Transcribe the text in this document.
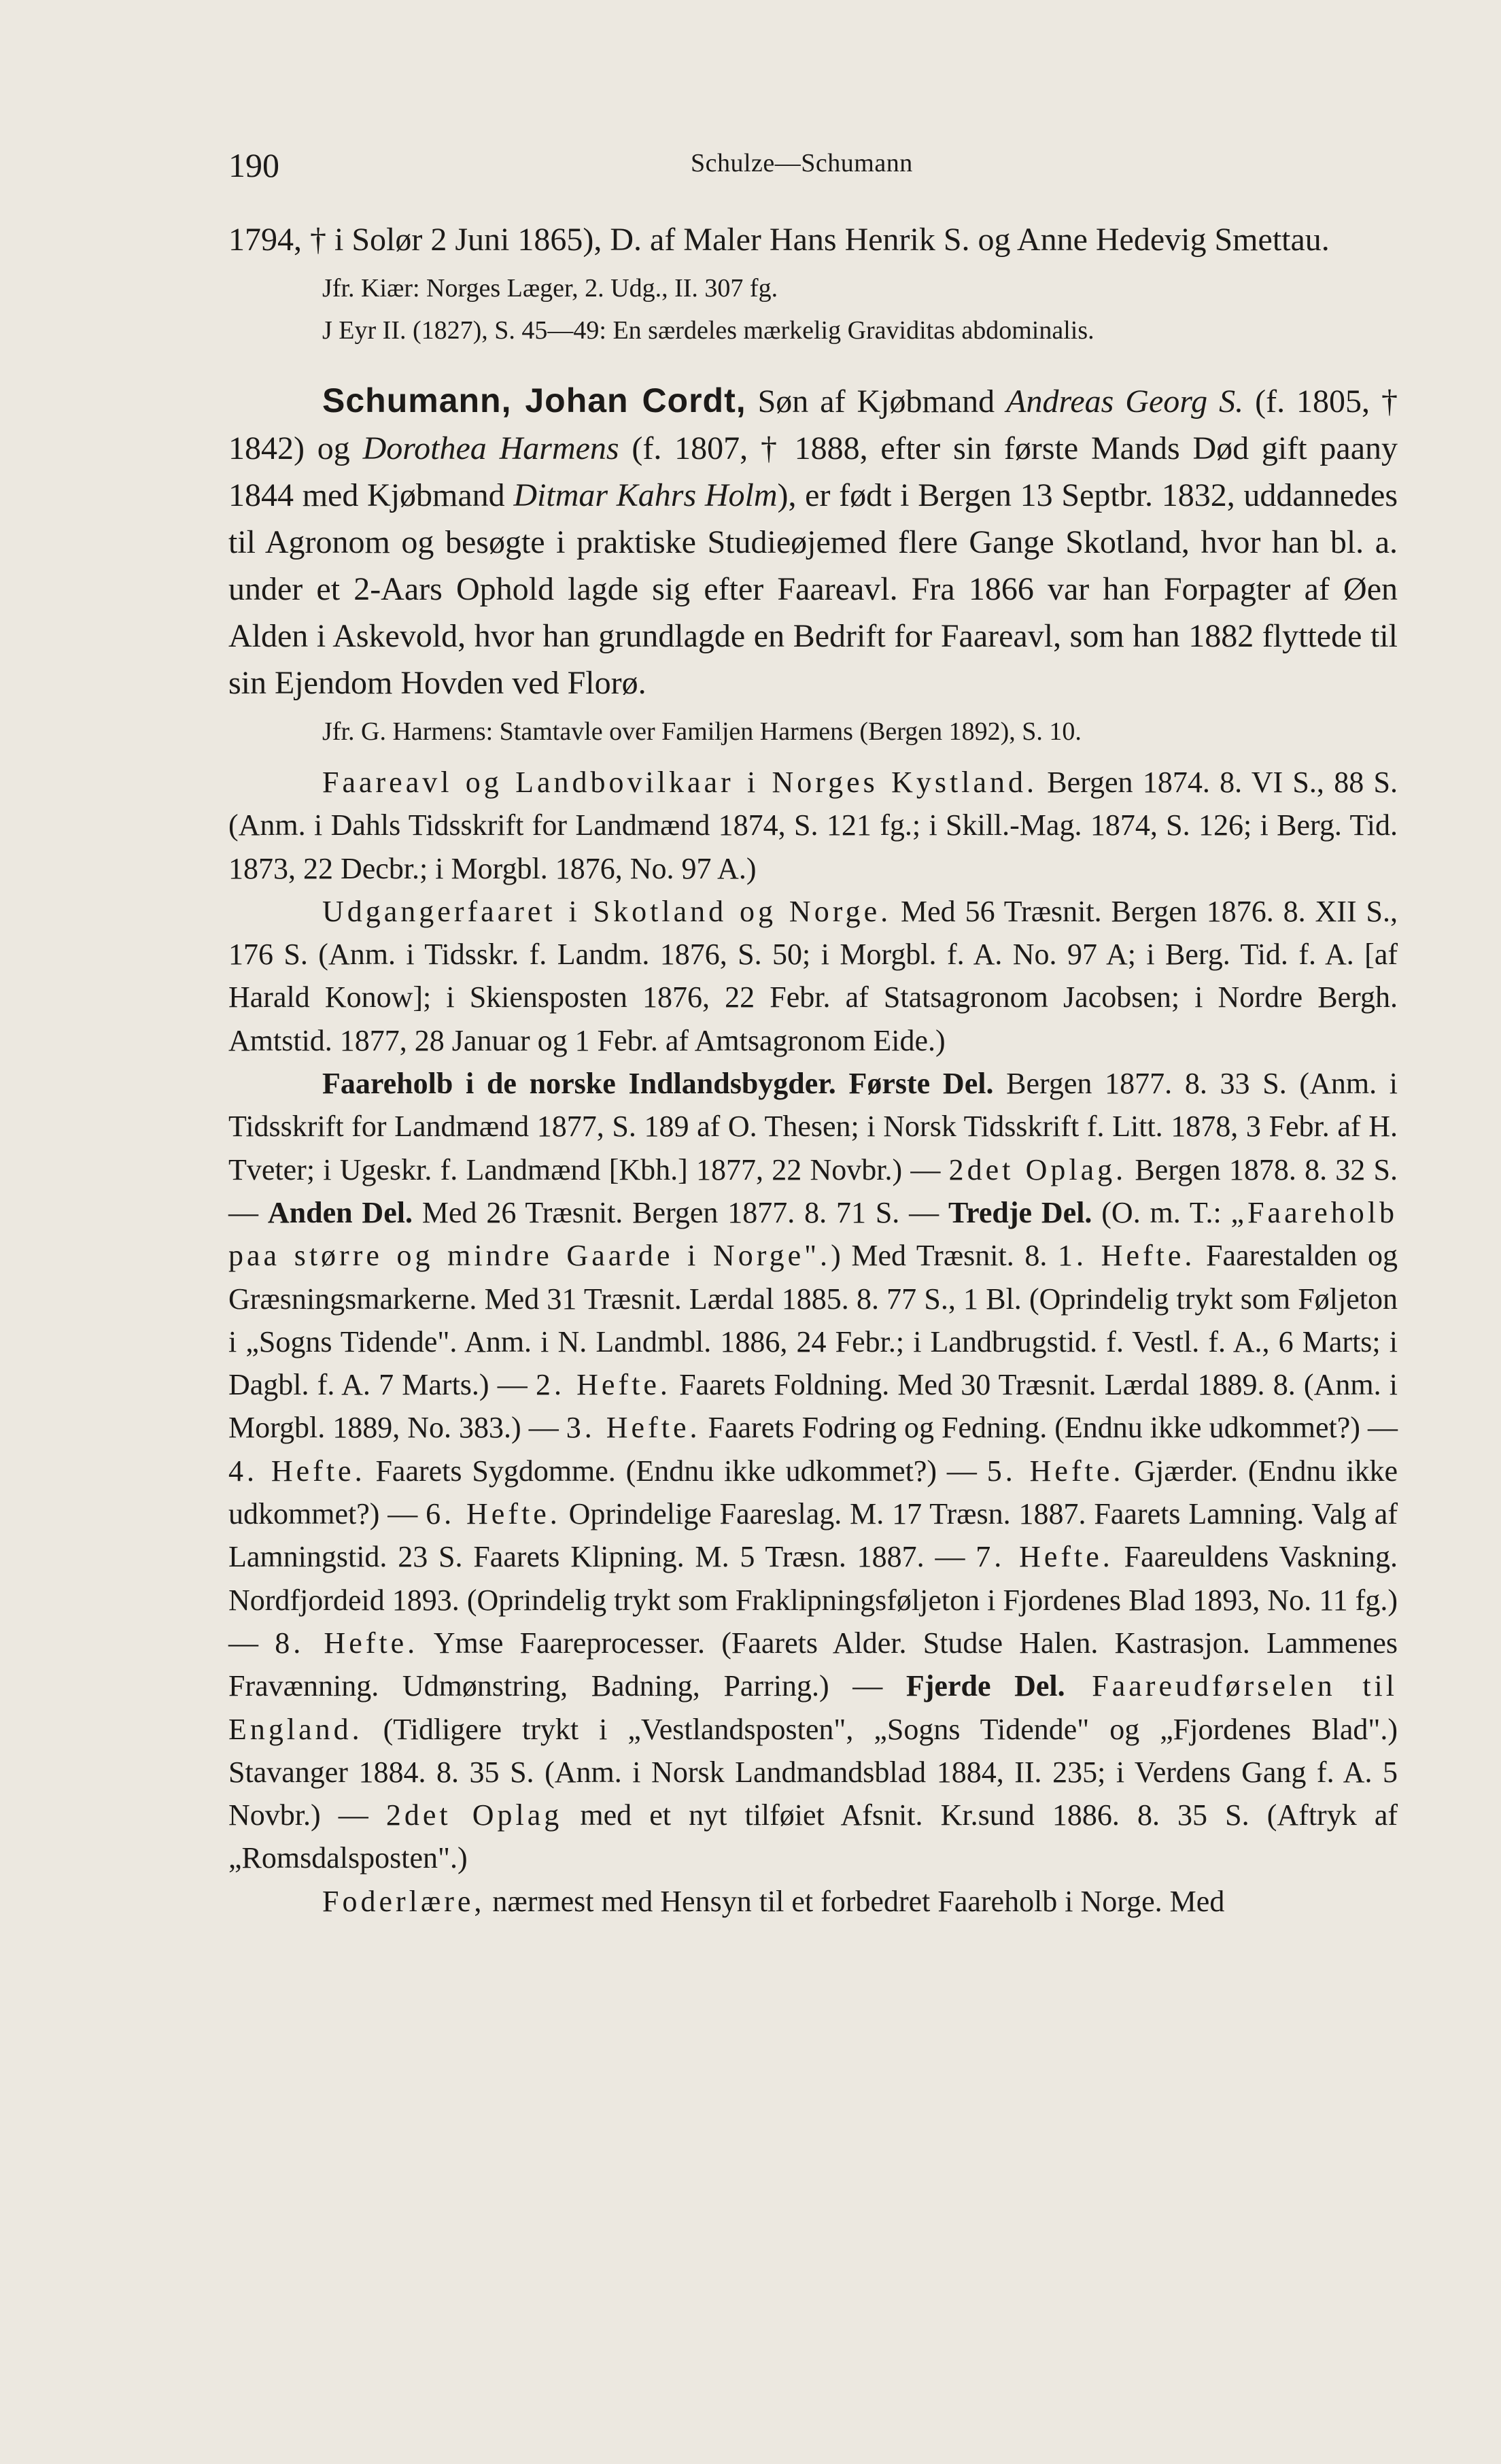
190	Schulze—Schumann

1794, † i Solør 2 Juni 1865), D. af Maler Hans Henrik S. og Anne Hedevig Smettau.

Jfr. Kiær: Norges Læger, 2. Udg., II. 307 fg.

J Eyr II. (1827), S. 45—49: En særdeles mærkelig Graviditas abdominalis.

Schumann, Johan Cordt, Søn af Kjøbmand Andreas Georg S. (f. 1805, † 1842) og Dorothea Harmens (f. 1807, † 1888, efter sin første Mands Død gift paany 1844 med Kjøbmand Ditmar Kahrs Holm), er født i Bergen 13 Septbr. 1832, uddannedes til Agronom og besøgte i praktiske Studieøjemed flere Gange Skotland, hvor han bl. a. under et 2-Aars Ophold lagde sig efter Faareavl. Fra 1866 var han Forpagter af Øen Alden i Askevold, hvor han grundlagde en Bedrift for Faareavl, som han 1882 flyttede til sin Ejendom Hovden ved Florø.

Jfr. G. Harmens: Stamtavle over Familjen Harmens (Bergen 1892), S. 10.

Faareavl og Landbovilkaar i Norges Kystland. Bergen 1874. 8. VI S., 88 S. (Anm. i Dahls Tidsskrift for Landmænd 1874, S. 121 fg.; i Skill.-Mag. 1874, S. 126; i Berg. Tid. 1873, 22 Decbr.; i Morgbl. 1876, No. 97 A.)

Udgangerfaaret i Skotland og Norge. Med 56 Træsnit. Bergen 1876. 8. XII S., 176 S. (Anm. i Tidsskr. f. Landm. 1876, S. 50; i Morgbl. f. A. No. 97 A; i Berg. Tid. f. A. [af Harald Konow]; i Skiensposten 1876, 22 Febr. af Statsagronom Jacobsen; i Nordre Bergh. Amtstid. 1877, 28 Januar og 1 Febr. af Amtsagronom Eide.)

Faareholb i de norske Indlandsbygder. Første Del. Bergen 1877. 8. 33 S. (Anm. i Tidsskrift for Landmænd 1877, S. 189 af O. Thesen; i Norsk Tidsskrift f. Litt. 1878, 3 Febr. af H. Tveter; i Ugeskr. f. Landmænd [Kbh.] 1877, 22 Novbr.) — 2det Oplag. Bergen 1878. 8. 32 S. — Anden Del. Med 26 Træsnit. Bergen 1877. 8. 71 S. — Tredje Del. (O. m. T.: „Faareholb paa større og mindre Gaarde i Norge".) Med Træsnit. 8. 1. Hefte. Faarestalden og Græsningsmarkerne. Med 31 Træsnit. Lærdal 1885. 8. 77 S., 1 Bl. (Oprindelig trykt som Føljeton i „Sogns Tidende". Anm. i N. Landmbl. 1886, 24 Febr.; i Landbrugstid. f. Vestl. f. A., 6 Marts; i Dagbl. f. A. 7 Marts.) — 2. Hefte. Faarets Foldning. Med 30 Træsnit. Lærdal 1889. 8. (Anm. i Morgbl. 1889, No. 383.) — 3. Hefte. Faarets Fodring og Fedning. (Endnu ikke udkommet?) — 4. Hefte. Faarets Sygdomme. (Endnu ikke udkommet?) — 5. Hefte. Gjærder. (Endnu ikke udkommet?) — 6. Hefte. Oprindelige Faareslag. M. 17 Træsn. 1887. Faarets Lamning. Valg af Lamningstid. 23 S. Faarets Klipning. M. 5 Træsn. 1887. — 7. Hefte. Faareuldens Vaskning. Nordfjordeid 1893. (Oprindelig trykt som Fraklipningsføljeton i Fjordenes Blad 1893, No. 11 fg.) — 8. Hefte. Ymse Faareprocesser. (Faarets Alder. Studse Halen. Kastrasjon. Lammenes Fravænning. Udmønstring, Badning, Parring.) — Fjerde Del. Faareudførselen til England. (Tidligere trykt i „Vestlandsposten", „Sogns Tidende" og „Fjordenes Blad".) Stavanger 1884. 8. 35 S. (Anm. i Norsk Landmandsblad 1884, II. 235; i Verdens Gang f. A. 5 Novbr.) — 2det Oplag med et nyt tilføiet Afsnit. Kr.sund 1886. 8. 35 S. (Aftryk af „Romsdalsposten".)

Foderlære, nærmest med Hensyn til et forbedret Faareholb i Norge. Med
